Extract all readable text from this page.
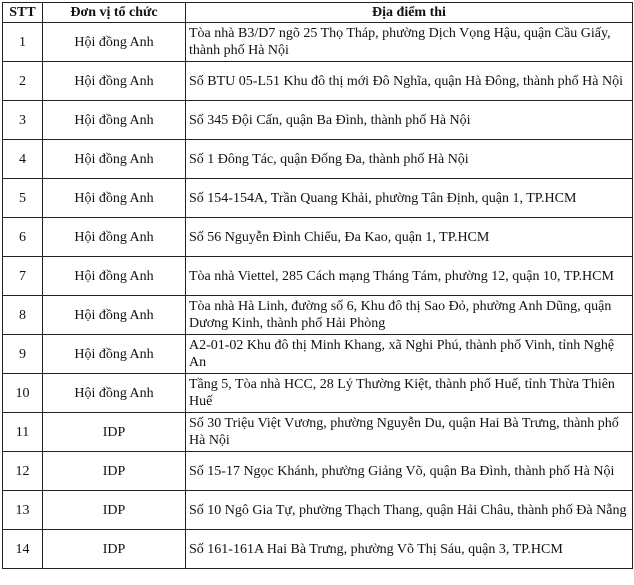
STT	Đơn vị tổ chức	Địa điểm thi
1	Hội đồng Anh	Tòa nhà B3/D7 ngõ 25 Thọ Tháp, phường Dịch Vọng Hậu, quận Cầu Giấy, thành phố Hà Nội
2	Hội đồng Anh	Số BTU 05-L51 Khu đô thị mới Đô Nghĩa, quận Hà Đông, thành phố Hà Nội
3	Hội đồng Anh	Số 345 Đội Cấn, quận Ba Đình, thành phố Hà Nội
4	Hội đồng Anh	Số 1 Đông Tác, quận Đống Đa, thành phố Hà Nội
5	Hội đồng Anh	Số 154-154A, Trần Quang Khải, phường Tân Định, quận 1, TP.HCM
6	Hội đồng Anh	Số 56 Nguyễn Đình Chiểu, Đa Kao, quận 1, TP.HCM
7	Hội đồng Anh	Tòa nhà Viettel, 285 Cách mạng Tháng Tám, phường 12, quận 10, TP.HCM
8	Hội đồng Anh	Tòa nhà Hà Linh, đường số 6, Khu đô thị Sao Đỏ, phường Anh Dũng, quận Dương Kinh, thành phố Hải Phòng
9	Hội đồng Anh	A2-01-02 Khu đô thị Minh Khang, xã Nghi Phú, thành phố Vinh, tỉnh Nghệ An
10	Hội đồng Anh	Tầng 5, Tòa nhà HCC, 28 Lý Thường Kiệt, thành phố Huế, tỉnh Thừa Thiên Huế
11	IDP	Số 30 Triệu Việt Vương, phường Nguyễn Du, quận Hai Bà Trưng, thành phố Hà Nội
12	IDP	Số 15-17 Ngọc Khánh, phường Giảng Võ, quận Ba Đình, thành phố Hà Nội
13	IDP	Số 10 Ngô Gia Tự, phường Thạch Thang, quận Hải Châu, thành phố Đà Nẵng
14	IDP	Số 161-161A Hai Bà Trưng, phường Võ Thị Sáu, quận 3, TP.HCM
